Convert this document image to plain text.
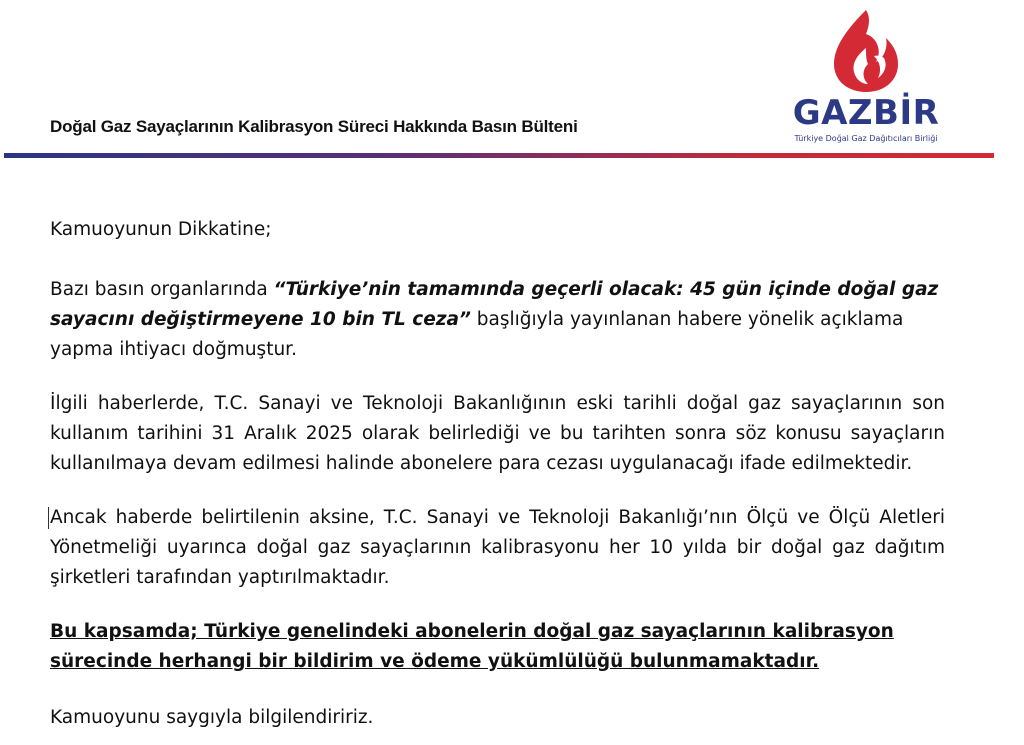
Doğal Gaz Sayaçlarının Kalibrasyon Süreci Hakkında Basın Bülteni	GAZBİR
Türkiye Doğal Gaz Dağıtıcıları Birliği

Kamuoyunun Dikkatine;

Bazı basın organlarında “Türkiye’nin tamamında geçerli olacak: 45 gün içinde doğal gaz sayacını değiştirmeyene 10 bin TL ceza” başlığıyla yayınlanan habere yönelik açıklama yapma ihtiyacı doğmuştur.

İlgili haberlerde, T.C. Sanayi ve Teknoloji Bakanlığının eski tarihli doğal gaz sayaçlarının son kullanım tarihini 31 Aralık 2025 olarak belirlediği ve bu tarihten sonra söz konusu sayaçların kullanılmaya devam edilmesi halinde abonelere para cezası uygulanacağı ifade edilmektedir.

Ancak haberde belirtilenin aksine, T.C. Sanayi ve Teknoloji Bakanlığı’nın Ölçü ve Ölçü Aletleri Yönetmeliği uyarınca doğal gaz sayaçlarının kalibrasyonu her 10 yılda bir doğal gaz dağıtım şirketleri tarafından yaptırılmaktadır.

Bu kapsamda; Türkiye genelindeki abonelerin doğal gaz sayaçlarının kalibrasyon sürecinde herhangi bir bildirim ve ödeme yükümlülüğü bulunmamaktadır.

Kamuoyunu saygıyla bilgilendiririz.
